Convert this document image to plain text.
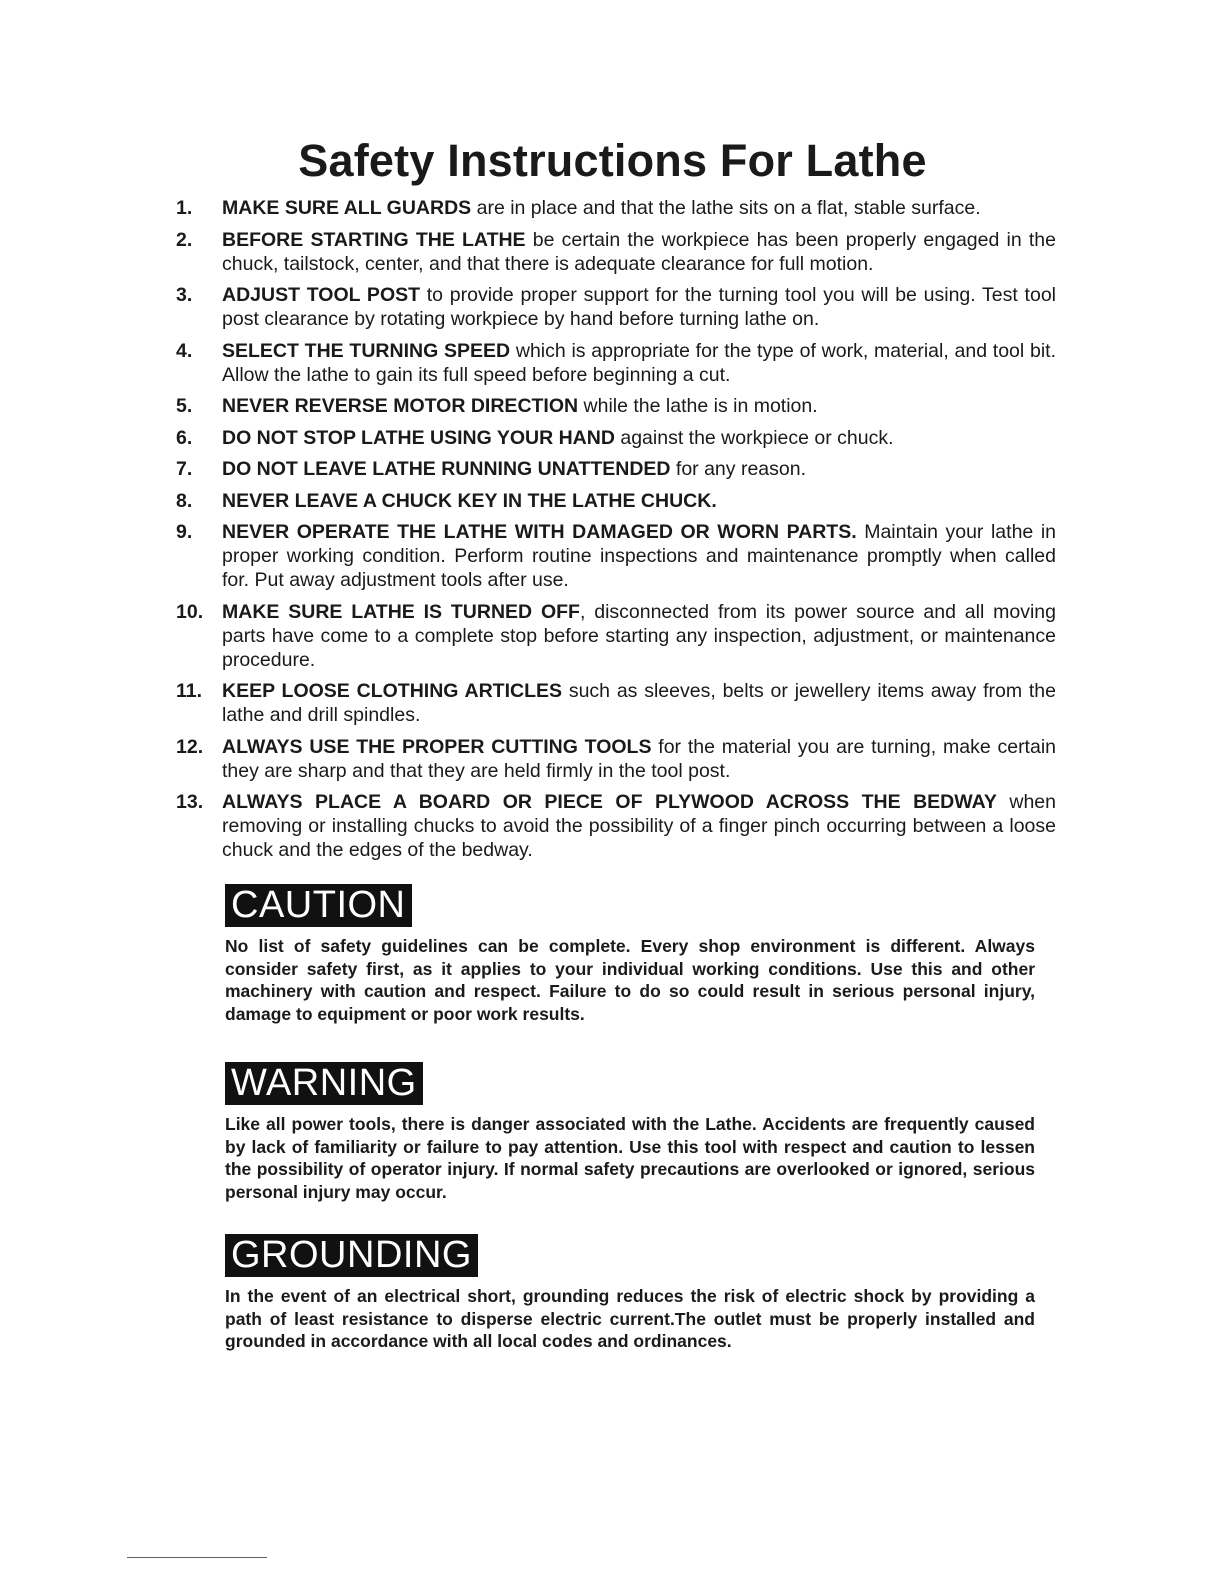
Safety Instructions For Lathe
1.	MAKE SURE ALL GUARDS are in place and that the lathe sits on a flat, stable surface.
2.	BEFORE STARTING THE LATHE be certain the workpiece has been properly engaged in the chuck, tailstock, center, and that there is adequate clearance for full motion.
3.	ADJUST TOOL POST to provide proper support for the turning tool you will be using. Test tool post clearance by rotating workpiece by hand before turning lathe on.
4.	SELECT THE TURNING SPEED which is appropriate for the type of work, material, and tool bit. Allow the lathe to gain its full speed before beginning a cut.
5.	NEVER REVERSE MOTOR DIRECTION while the lathe is in motion.
6.	DO NOT STOP LATHE USING YOUR HAND against the workpiece or chuck.
7.	DO NOT LEAVE LATHE RUNNING UNATTENDED for any reason.
8.	NEVER LEAVE A CHUCK KEY IN THE LATHE CHUCK.
9.	NEVER OPERATE THE LATHE WITH DAMAGED OR WORN PARTS. Maintain your lathe in proper working condition. Perform routine inspections and maintenance promptly when called for. Put away adjustment tools after use.
10. MAKE SURE LATHE IS TURNED OFF, disconnected from its power source and all moving parts have come to a complete stop before starting any inspection, adjustment, or maintenance procedure.
11.	KEEP LOOSE CLOTHING ARTICLES such as sleeves, belts or jewellery items away from the lathe and drill spindles.
12. ALWAYS USE THE PROPER CUTTING TOOLS for the material you are turning, make certain they are sharp and that they are held firmly in the tool post.
13. ALWAYS PLACE A BOARD OR PIECE OF PLYWOOD ACROSS THE BEDWAY when removing or installing chucks to avoid the possibility of a finger pinch occurring between a loose chuck and the edges of the bedway.
CAUTION

No list of safety guidelines can be complete. Every shop environment is different. Always consider safety first, as it applies to your individual working conditions. Use this and other machinery with caution and respect. Failure to do so could result in serious personal injury, damage to equipment or poor work results.

WARNING

Like all power tools, there is danger associated with the Lathe. Accidents are frequently caused by lack of familiarity or failure to pay attention. Use this tool with respect and caution to lessen the possibility of operator injury. If normal safety precautions are overlooked or ignored, serious personal injury may occur.

GROUNDING

In the event of an electrical short, grounding reduces the risk of electric shock by providing a path of least resistance to disperse electric current.The outlet must be properly installed and grounded in accordance with all local codes and ordinances.
